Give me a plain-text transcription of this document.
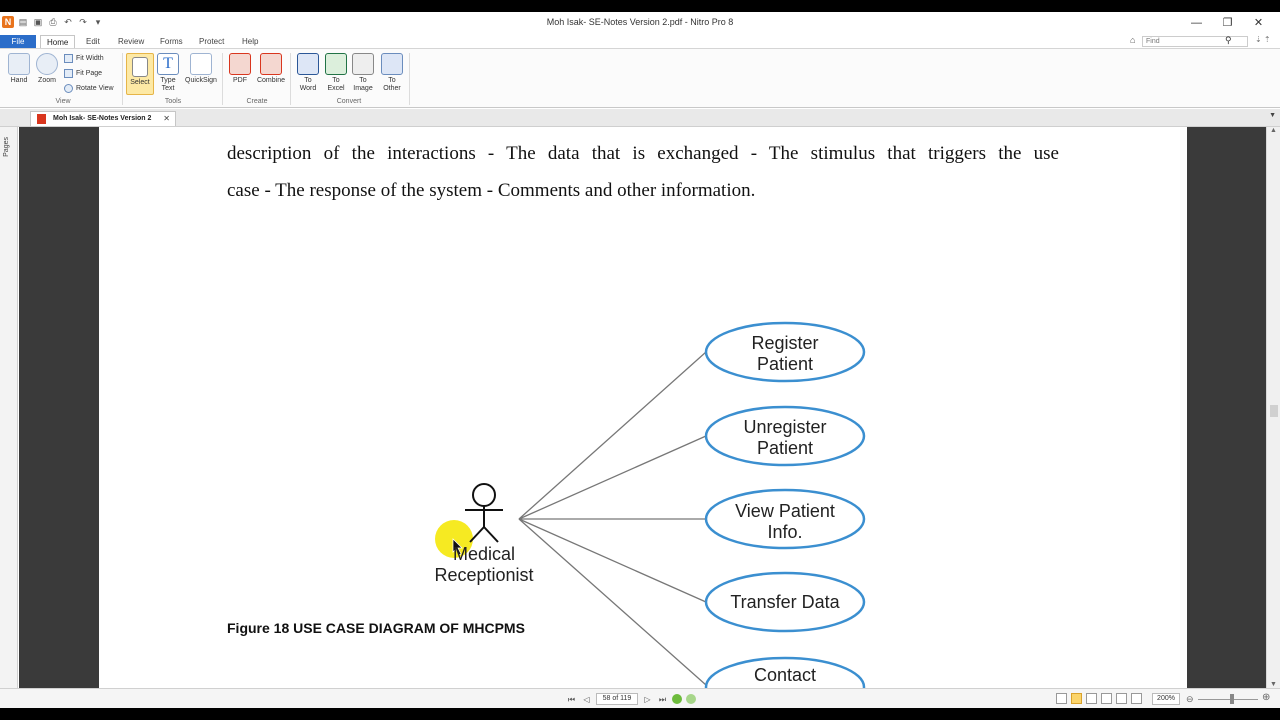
N ▤ ▣ ⎙ ↶ ↷ ▾	Moh Isak- SE-Notes Version 2.pdf - Nitro Pro 8	—	❐	✕
File	Home	Edit	Review	Forms	Protect	Help	⌂	Find	⚲	⇣ ⇡
Hand	Zoom
Fit Width
Fit Page
Rotate View
View
Select
T
Type Text
QuickSign
Tools
PDF	Combine
Create
To Word
To Excel
To Image
To Other
Convert
Moh Isak- SE-Notes Version 2 ✕	▼
Pages	description of the interactions - The data that is exchanged - The stimulus that triggers the use
case - The response of the system - Comments and other information.
Medical
Receptionist
Register
Patient
Unregister
Patient
View Patient
Info.
Transfer Data
Contact
Figure 18 USE CASE DIAGRAM OF MHCPMS
▲
▼
⏮	◁	58 of 119	▷	⏭	200%	⊖	⊕
